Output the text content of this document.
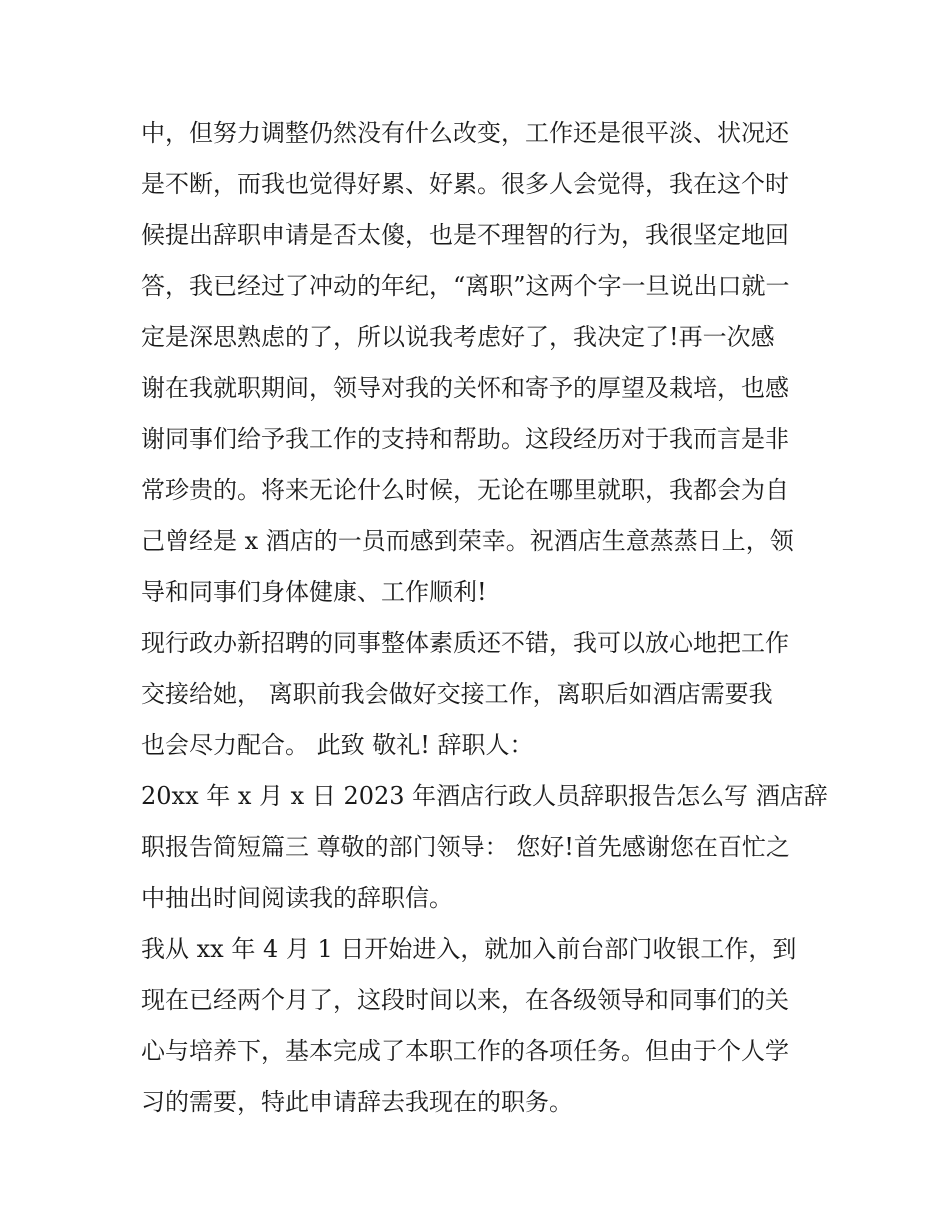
中，但努力调整仍然没有什么改变，工作还是很平淡、状况还
是不断，而我也觉得好累、好累。很多人会觉得，我在这个时
候提出辞职申请是否太傻，也是不理智的行为，我很坚定地回
答，我已经过了冲动的年纪，“离职”这两个字一旦说出口就一
定是深思熟虑的了，所以说我考虑好了，我决定了!再一次感
谢在我就职期间，领导对我的关怀和寄予的厚望及栽培，也感
谢同事们给予我工作的支持和帮助。这段经历对于我而言是非
常珍贵的。将来无论什么时候，无论在哪里就职，我都会为自
己曾经是 x 酒店的一员而感到荣幸。祝酒店生意蒸蒸日上，领
导和同事们身体健康、工作顺利!
现行政办新招聘的同事整体素质还不错，我可以放心地把工作
交接给她， 离职前我会做好交接工作，离职后如酒店需要我
也会尽力配合。 此致 敬礼! 辞职人：
20xx 年 x 月 x 日 2023 年酒店行政人员辞职报告怎么写 酒店辞
职报告简短篇三 尊敬的部门领导： 您好!首先感谢您在百忙之
中抽出时间阅读我的辞职信。
我从 xx 年 4 月 1 日开始进入，就加入前台部门收银工作，到
现在已经两个月了，这段时间以来，在各级领导和同事们的关
心与培养下，基本完成了本职工作的各项任务。但由于个人学
习的需要，特此申请辞去我现在的职务。
